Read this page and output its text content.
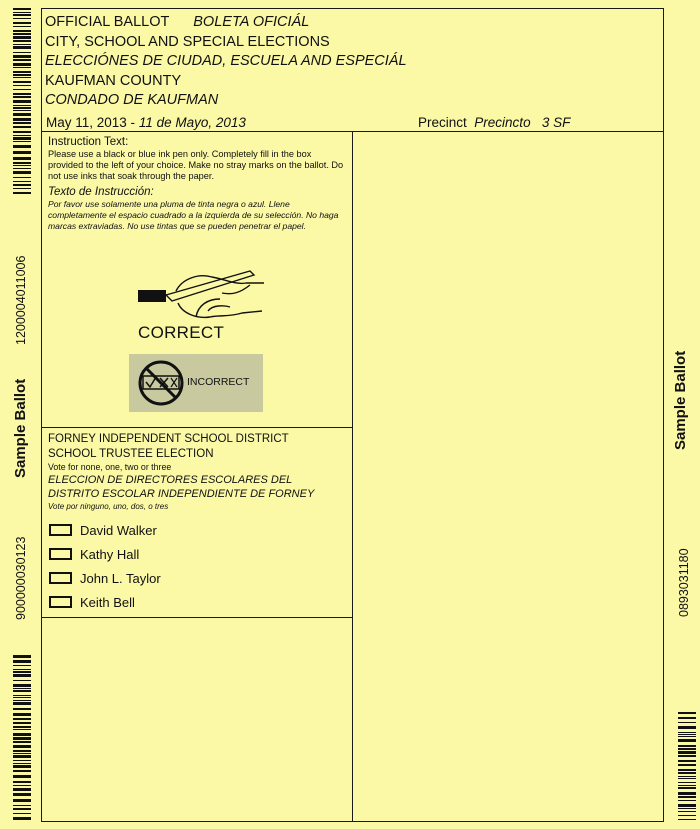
1200004011006
Sample Ballot
900000030123
Sample Ballot
0893031180
OFFICIAL BALLOT BOLETA OFICIÁL
CITY, SCHOOL AND SPECIAL ELECTIONS
ELECCIÓNES DE CIUDAD, ESCUELA AND ESPECIÁL
KAUFMAN COUNTY
CONDADO DE KAUFMAN
May 11, 2013 - 11 de Mayo, 2013	Precinct Precincto 3 SF
Instruction Text:
Please use a black or blue ink pen only. Completely fill in the box provided to the left of your choice. Make no stray marks on the ballot. Do not use inks that soak through the paper.
Texto de Instrucción:
Por favor use solamente una pluma de tinta negra o azul. Llene completamente el espacio cuadrado a la izquierda de su selección. No haga marcas extraviadas. No use tintas que se pueden penetrar el papel.
CORRECT
INCORRECT
FORNEY INDEPENDENT SCHOOL DISTRICT
SCHOOL TRUSTEE ELECTION
Vote for none, one, two or three
ELECCION DE DIRECTORES ESCOLARES DEL
DISTRITO ESCOLAR INDEPENDIENTE DE FORNEY
Vote por ninguno, uno, dos, o tres
David Walker
Kathy Hall
John L. Taylor
Keith Bell
